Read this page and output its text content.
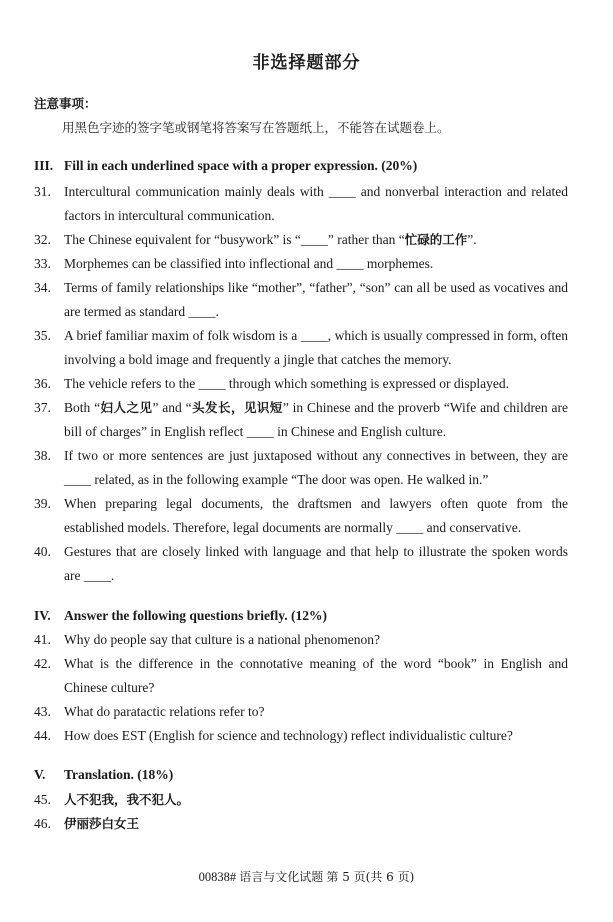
非选择题部分
注意事项：
用黑色字迹的签字笔或钢笔将答案写在答题纸上，不能答在试题卷上。
III. Fill in each underlined space with a proper expression. (20%)
31. Intercultural communication mainly deals with ____ and nonverbal interaction and related factors in intercultural communication.
32. The Chinese equivalent for “busywork” is “____” rather than “忙碌的工作”.
33. Morphemes can be classified into inflectional and ____ morphemes.
34. Terms of family relationships like “mother”, “father”, “son” can all be used as vocatives and are termed as standard ____.
35. A brief familiar maxim of folk wisdom is a ____, which is usually compressed in form, often involving a bold image and frequently a jingle that catches the memory.
36. The vehicle refers to the ____ through which something is expressed or displayed.
37. Both “妇人之见” and “头发长，见识短” in Chinese and the proverb “Wife and children are bill of charges” in English reflect ____ in Chinese and English culture.
38. If two or more sentences are just juxtaposed without any connectives in between, they are ____ related, as in the following example “The door was open. He walked in.”
39. When preparing legal documents, the draftsmen and lawyers often quote from the established models. Therefore, legal documents are normally ____ and conservative.
40. Gestures that are closely linked with language and that help to illustrate the spoken words are ____.
IV. Answer the following questions briefly. (12%)
41. Why do people say that culture is a national phenomenon?
42. What is the difference in the connotative meaning of the word “book” in English and Chinese culture?
43. What do paratactic relations refer to?
44. How does EST (English for science and technology) reflect individualistic culture?
V. Translation. (18%)
45. 人不犯我，我不犯人。
46. 伊丽莎白女王
00838# 语言与文化试题 第 5 页(共 6 页)
